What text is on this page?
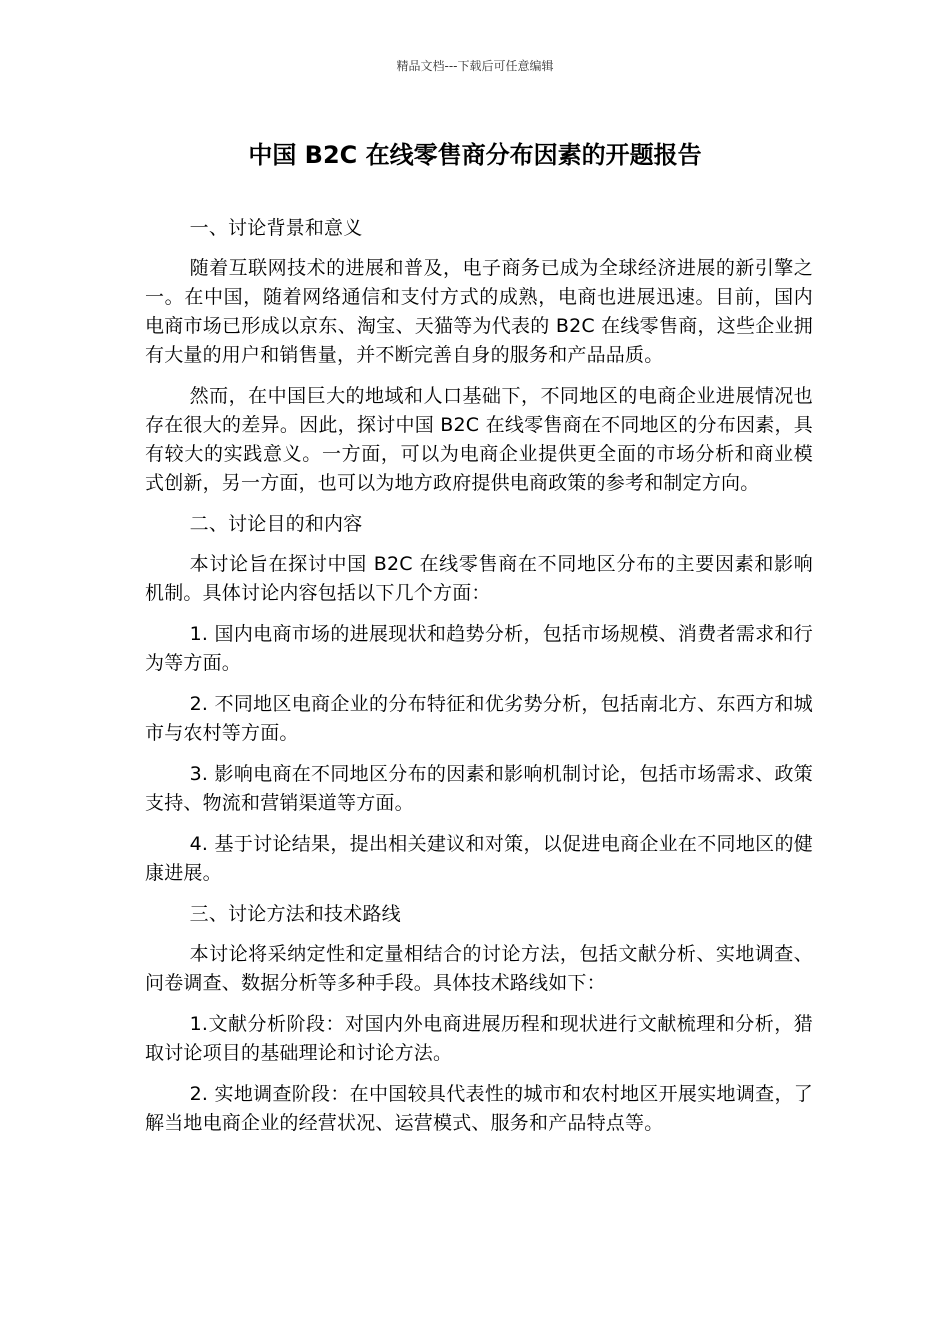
精品文档---下载后可任意编辑
中国 B2C 在线零售商分布因素的开题报告

一、讨论背景和意义

随着互联网技术的进展和普及，电子商务已成为全球经济进展的新引擎之一。在中国，随着网络通信和支付方式的成熟，电商也进展迅速。目前，国内电商市场已形成以京东、淘宝、天猫等为代表的 B2C 在线零售商，这些企业拥有大量的用户和销售量，并不断完善自身的服务和产品品质。

然而，在中国巨大的地域和人口基础下，不同地区的电商企业进展情况也存在很大的差异。因此，探讨中国 B2C 在线零售商在不同地区的分布因素，具有较大的实践意义。一方面，可以为电商企业提供更全面的市场分析和商业模式创新，另一方面，也可以为地方政府提供电商政策的参考和制定方向。

二、讨论目的和内容

本讨论旨在探讨中国 B2C 在线零售商在不同地区分布的主要因素和影响机制。具体讨论内容包括以下几个方面：

1. 国内电商市场的进展现状和趋势分析，包括市场规模、消费者需求和行为等方面。

2. 不同地区电商企业的分布特征和优劣势分析，包括南北方、东西方和城市与农村等方面。

3. 影响电商在不同地区分布的因素和影响机制讨论，包括市场需求、政策支持、物流和营销渠道等方面。

4. 基于讨论结果，提出相关建议和对策，以促进电商企业在不同地区的健康进展。

三、讨论方法和技术路线

本讨论将采纳定性和定量相结合的讨论方法，包括文献分析、实地调查、问卷调查、数据分析等多种手段。具体技术路线如下：

1.文献分析阶段：对国内外电商进展历程和现状进行文献梳理和分析，猎取讨论项目的基础理论和讨论方法。

2. 实地调查阶段：在中国较具代表性的城市和农村地区开展实地调查，了解当地电商企业的经营状况、运营模式、服务和产品特点等。
